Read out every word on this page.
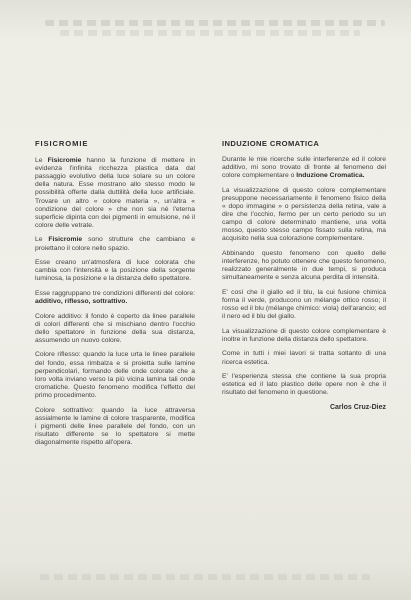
FISICROMIE

Le Fisicromie hanno la funzione di mettere in evidenza l'infinita ricchezza plastica data dal passaggio evolutivo della luce solare su un colore della natura. Esse mostrano allo stesso modo le possibilità offerte dalla duttilità della luce artificiale. Trovare un altro « colore materia », un'altra « condizione del colore » che non sia né l'eterna superficie dipinta con dei pigmenti in emulsione, né il colore delle vetrate.

Le Fisicromie sono strutture che cambiano e proiettano il colore nello spazio.

Esse creano un'atmosfera di luce colorata che cambia con l'intensità e la posizione della sorgente luminosa, la posizione e la distanza dello spettatore.

Esse raggruppano tre condizioni differenti del colore: additivo, riflesso, sottrattivo.

Colore additivo: il fondo è coperto da linee parallele di colori differenti che si mischiano dentro l'occhio dello spettatore in funzione della sua distanza, assumendo un nuovo colore.

Colore riflesso: quando la luce urta le linee parallele del fondo, essa rimbalza e si proietta sulle lamine perpendicolari, formando delle onde colorate che a loro volta inviano verso la più vicina lamina tali onde cromatiche. Questo fenomeno modifica l'effetto del primo procedimento.

Colore sottrattivo: quando la luce attraversa assialmente le lamine di colore trasparente, modifica i pigmenti delle linee parallele del fondo, con un risultato differente se lo spettatore si mette diagonalmente rispetto all'opera.

INDUZIONE CROMATICA

Durante le mie ricerche sulle interferenze ed il colore additivo, mi sono trovato di fronte al fenomeno del colore complementare o Induzione Cromatica.

La visualizzazione di questo colore complementare presuppone necessariamente il fenomeno fisico della « dopo immagine » o persistenza della retina, vale a dire che l'occhio, fermo per un certo periodo su un campo di colore determinato mantiene, una volta mosso, questo stesso campo fissato sulla retina, ma acquisito nella sua colorazione complementare.

Abbinando questo fenomeno con quello delle interferenze, ho potuto ottenere che questo fenomeno, realizzato generalmente in due tempi, si produca simultaneamente e senza alcuna perdita di intensità.

E' così che il giallo ed il blu, la cui fusione chimica forma il verde, producono un mélange ottico rosso; il rosso ed il blu (mélange chimico: viola) dell'arancio; ed il nero ed il blu del giallo.

La visualizzazione di questo colore complementare è inoltre in funzione della distanza dello spettatore.

Come in tutti i miei lavori si tratta soltanto di una ricerca estetica.

E' l'esperienza stessa che contiene la sua propria estetica ed il lato plastico delle opere non è che il risultato del fenomeno in questione.

Carlos Cruz-Diez
